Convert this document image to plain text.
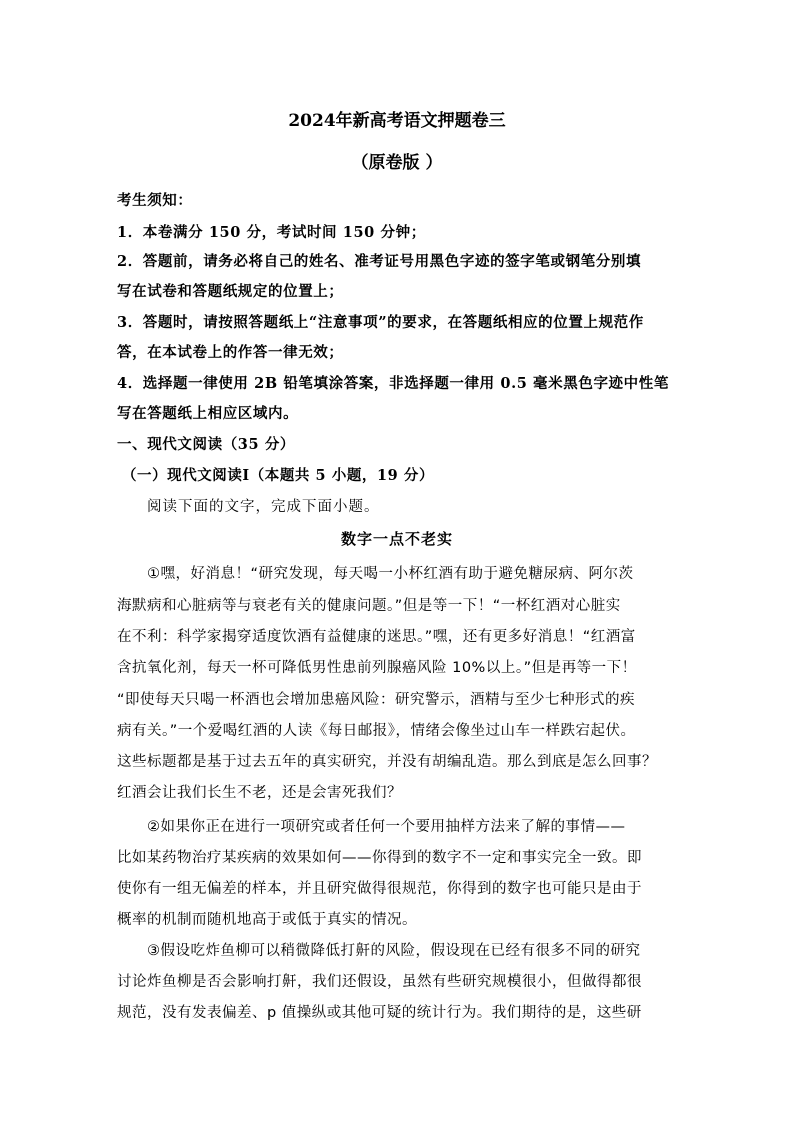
2024年新高考语文押题卷三
（原卷版 ）
考生须知：
1．本卷满分 150 分，考试时间 150 分钟；
2．答题前，请务必将自己的姓名、准考证号用黑色字迹的签字笔或钢笔分别填
写在试卷和答题纸规定的位置上；
3．答题时，请按照答题纸上“注意事项”的要求，在答题纸相应的位置上规范作
答，在本试卷上的作答一律无效；
4．选择题一律使用 2B 铅笔填涂答案，非选择题一律用 0.5 毫米黑色字迹中性笔
写在答题纸上相应区域内。
一、现代文阅读（35 分）
（一）现代文阅读Ⅰ（本题共 5 小题，19 分）
阅读下面的文字，完成下面小题。
数字一点不老实
①嘿，好消息！“研究发现，每天喝一小杯红酒有助于避免糖尿病、阿尔茨
海默病和心脏病等与衰老有关的健康问题。”但是等一下！“一杯红酒对心脏实
在不利：科学家揭穿适度饮酒有益健康的迷思。”嘿，还有更多好消息！“红酒富
含抗氧化剂，每天一杯可降低男性患前列腺癌风险 10%以上。”但是再等一下！
“即使每天只喝一杯酒也会增加患癌风险：研究警示，酒精与至少七种形式的疾
病有关。”一个爱喝红酒的人读《每日邮报》，情绪会像坐过山车一样跌宕起伏。
这些标题都是基于过去五年的真实研究，并没有胡编乱造。那么到底是怎么回事？
红酒会让我们长生不老，还是会害死我们？
②如果你正在进行一项研究或者任何一个要用抽样方法来了解的事情——
比如某药物治疗某疾病的效果如何——你得到的数字不一定和事实完全一致。即
使你有一组无偏差的样本，并且研究做得很规范，你得到的数字也可能只是由于
概率的机制而随机地高于或低于真实的情况。
③假设吃炸鱼柳可以稍微降低打鼾的风险，假设现在已经有很多不同的研究
讨论炸鱼柳是否会影响打鼾，我们还假设，虽然有些研究规模很小，但做得都很
规范，没有发表偏差、p 值操纵或其他可疑的统计行为。我们期待的是，这些研
